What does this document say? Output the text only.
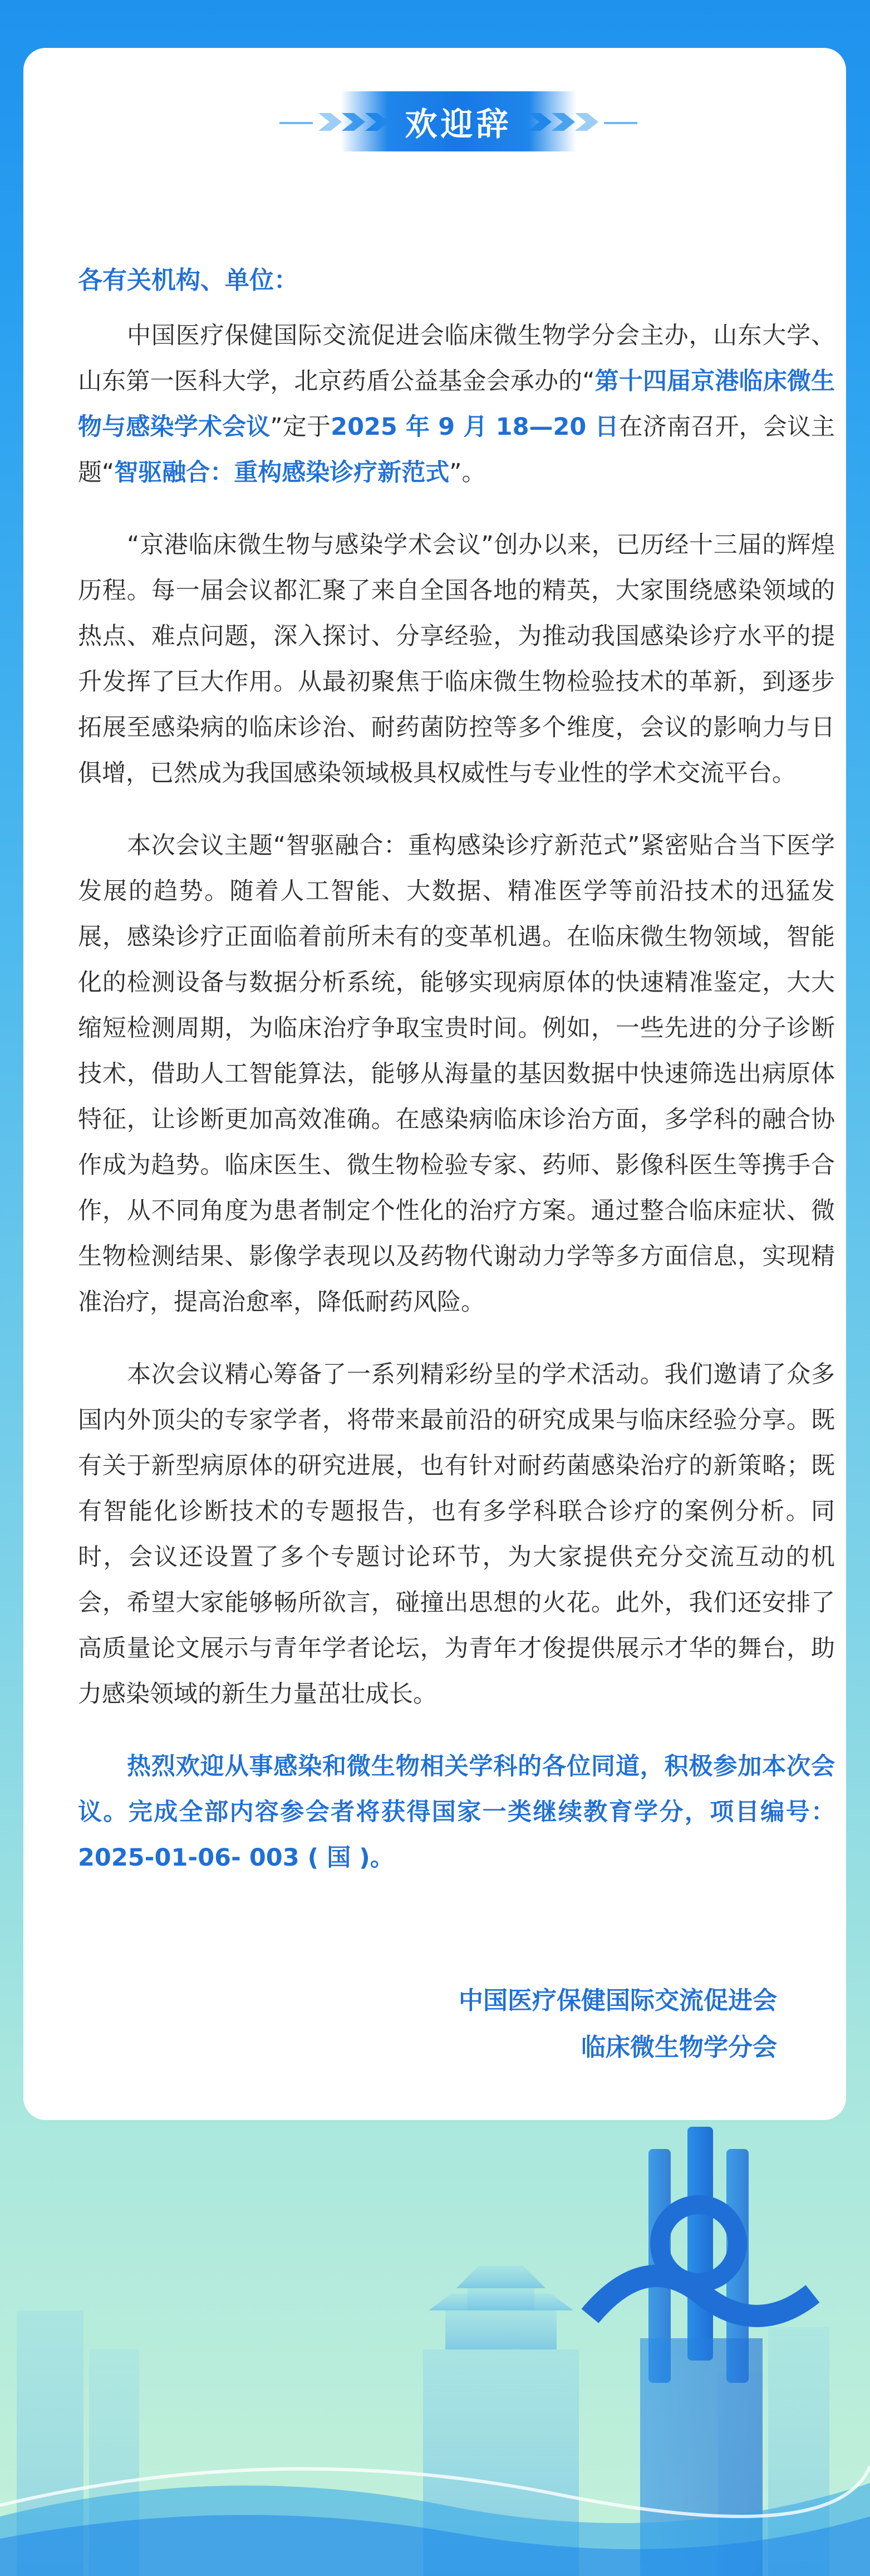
欢迎辞

各有关机构、单位：

中国医疗保健国际交流促进会临床微生物学分会主办，山东大学、山东第一医科大学，北京药盾公益基金会承办的“第十四届京港临床微生物与感染学术会议”定于2025 年 9 月 18—20 日在济南召开，会议主题“智驱融合：重构感染诊疗新范式”。

“京港临床微生物与感染学术会议”创办以来，已历经十三届的辉煌历程。每一届会议都汇聚了来自全国各地的精英，大家围绕感染领域的热点、难点问题，深入探讨、分享经验，为推动我国感染诊疗水平的提升发挥了巨大作用。从最初聚焦于临床微生物检验技术的革新，到逐步拓展至感染病的临床诊治、耐药菌防控等多个维度，会议的影响力与日俱增，已然成为我国感染领域极具权威性与专业性的学术交流平台。

本次会议主题“智驱融合：重构感染诊疗新范式”紧密贴合当下医学发展的趋势。随着人工智能、大数据、精准医学等前沿技术的迅猛发展，感染诊疗正面临着前所未有的变革机遇。在临床微生物领域，智能化的检测设备与数据分析系统，能够实现病原体的快速精准鉴定，大大缩短检测周期，为临床治疗争取宝贵时间。例如，一些先进的分子诊断技术，借助人工智能算法，能够从海量的基因数据中快速筛选出病原体特征，让诊断更加高效准确。在感染病临床诊治方面，多学科的融合协作成为趋势。临床医生、微生物检验专家、药师、影像科医生等携手合作，从不同角度为患者制定个性化的治疗方案。通过整合临床症状、微生物检测结果、影像学表现以及药物代谢动力学等多方面信息，实现精准治疗，提高治愈率，降低耐药风险。

本次会议精心筹备了一系列精彩纷呈的学术活动。我们邀请了众多国内外顶尖的专家学者，将带来最前沿的研究成果与临床经验分享。既有关于新型病原体的研究进展，也有针对耐药菌感染治疗的新策略；既有智能化诊断技术的专题报告，也有多学科联合诊疗的案例分析。同时，会议还设置了多个专题讨论环节，为大家提供充分交流互动的机会，希望大家能够畅所欲言，碰撞出思想的火花。此外，我们还安排了高质量论文展示与青年学者论坛，为青年才俊提供展示才华的舞台，助力感染领域的新生力量茁壮成长。

热烈欢迎从事感染和微生物相关学科的各位同道，积极参加本次会议。完成全部内容参会者将获得国家一类继续教育学分，项目编号：2025-01-06- 003 ( 国 )。

中国医疗保健国际交流促进会
临床微生物学分会
